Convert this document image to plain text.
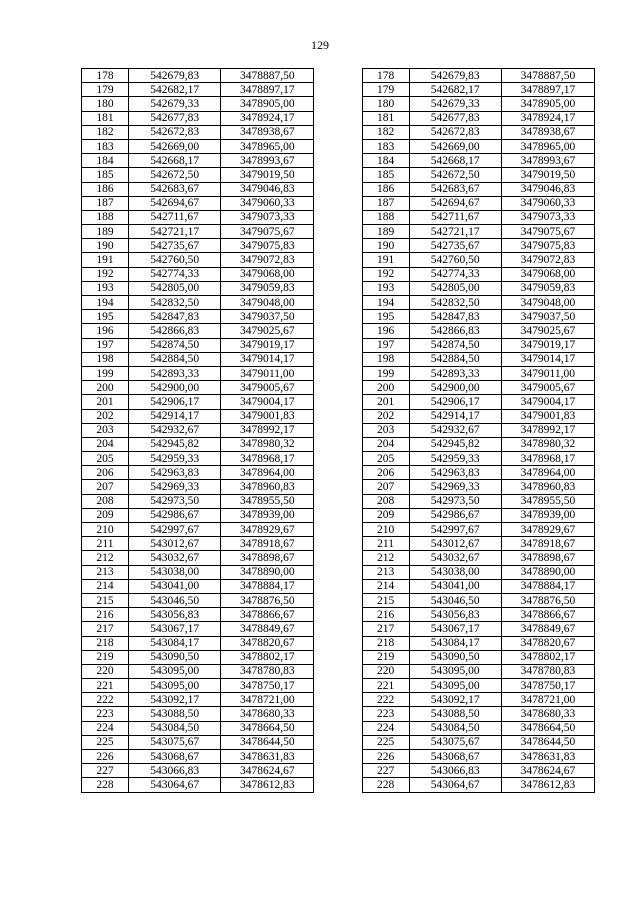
129
178	542679,83	3478887,50		178	542679,83	3478887,50
179	542682,17	3478897,17		179	542682,17	3478897,17
180	542679,33	3478905,00		180	542679,33	3478905,00
181	542677,83	3478924,17		181	542677,83	3478924,17
182	542672,83	3478938,67		182	542672,83	3478938,67
183	542669,00	3478965,00		183	542669,00	3478965,00
184	542668,17	3478993,67		184	542668,17	3478993,67
185	542672,50	3479019,50		185	542672,50	3479019,50
186	542683,67	3479046,83		186	542683,67	3479046,83
187	542694,67	3479060,33		187	542694,67	3479060,33
188	542711,67	3479073,33		188	542711,67	3479073,33
189	542721,17	3479075,67		189	542721,17	3479075,67
190	542735,67	3479075,83		190	542735,67	3479075,83
191	542760,50	3479072,83		191	542760,50	3479072,83
192	542774,33	3479068,00		192	542774,33	3479068,00
193	542805,00	3479059,83		193	542805,00	3479059,83
194	542832,50	3479048,00		194	542832,50	3479048,00
195	542847,83	3479037,50		195	542847,83	3479037,50
196	542866,83	3479025,67		196	542866,83	3479025,67
197	542874,50	3479019,17		197	542874,50	3479019,17
198	542884,50	3479014,17		198	542884,50	3479014,17
199	542893,33	3479011,00		199	542893,33	3479011,00
200	542900,00	3479005,67		200	542900,00	3479005,67
201	542906,17	3479004,17		201	542906,17	3479004,17
202	542914,17	3479001,83		202	542914,17	3479001,83
203	542932,67	3478992,17		203	542932,67	3478992,17
204	542945,82	3478980,32		204	542945,82	3478980,32
205	542959,33	3478968,17		205	542959,33	3478968,17
206	542963,83	3478964,00		206	542963,83	3478964,00
207	542969,33	3478960,83		207	542969,33	3478960,83
208	542973,50	3478955,50		208	542973,50	3478955,50
209	542986,67	3478939,00		209	542986,67	3478939,00
210	542997,67	3478929,67		210	542997,67	3478929,67
211	543012,67	3478918,67		211	543012,67	3478918,67
212	543032,67	3478898,67		212	543032,67	3478898,67
213	543038,00	3478890,00		213	543038,00	3478890,00
214	543041,00	3478884,17		214	543041,00	3478884,17
215	543046,50	3478876,50		215	543046,50	3478876,50
216	543056,83	3478866,67		216	543056,83	3478866,67
217	543067,17	3478849,67		217	543067,17	3478849,67
218	543084,17	3478820,67		218	543084,17	3478820,67
219	543090,50	3478802,17		219	543090,50	3478802,17
220	543095,00	3478780,83		220	543095,00	3478780,83
221	543095,00	3478750,17		221	543095,00	3478750,17
222	543092,17	3478721,00		222	543092,17	3478721,00
223	543088,50	3478680,33		223	543088,50	3478680,33
224	543084,50	3478664,50		224	543084,50	3478664,50
225	543075,67	3478644,50		225	543075,67	3478644,50
226	543068,67	3478631,83		226	543068,67	3478631,83
227	543066,83	3478624,67		227	543066,83	3478624,67
228	543064,67	3478612,83		228	543064,67	3478612,83
